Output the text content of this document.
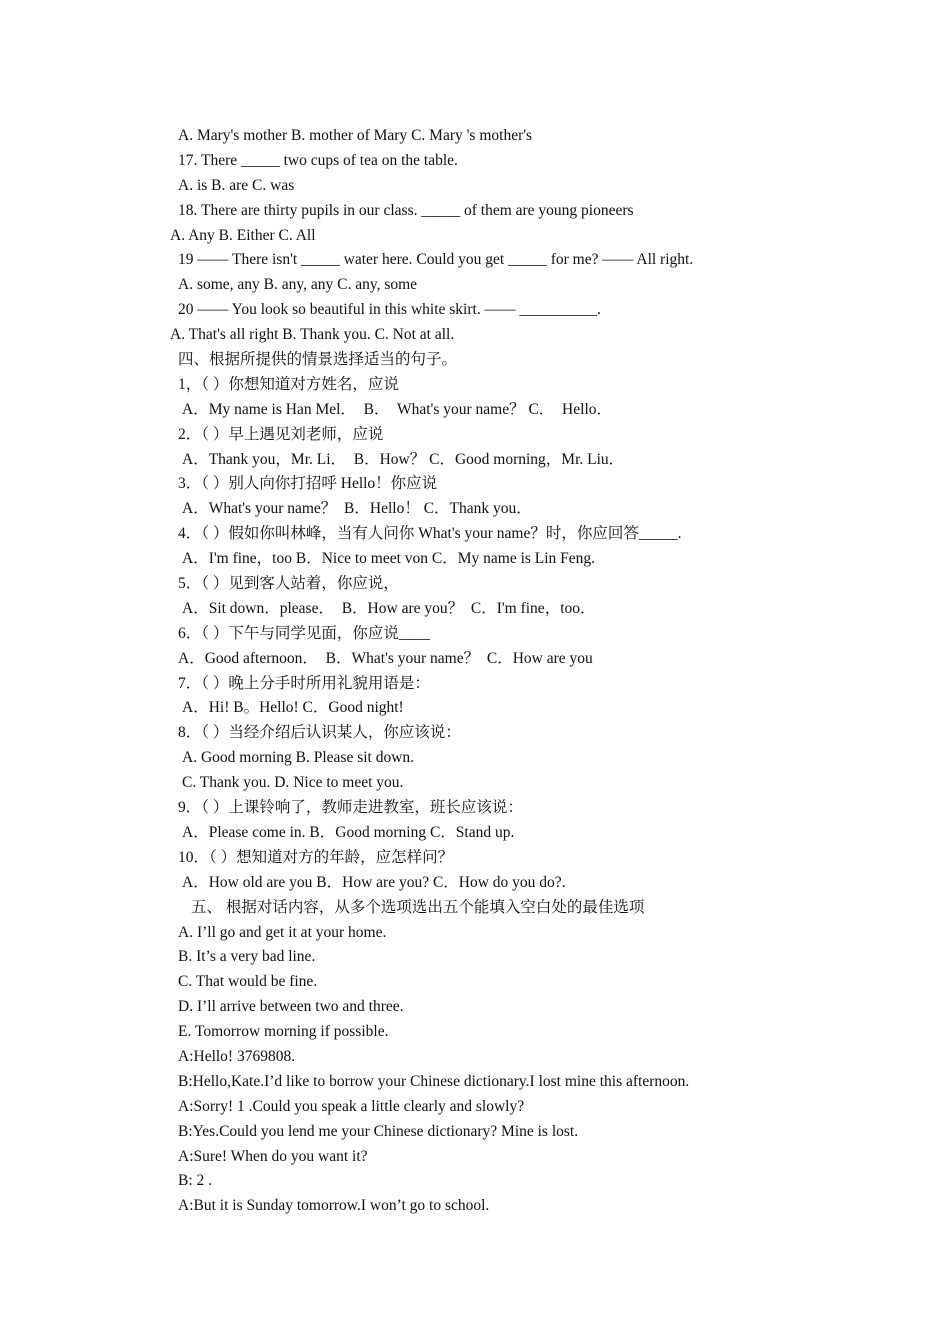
A. Mary's mother B. mother of Mary C. Mary 's mother's
17. There _____ two cups of tea on the table.
A. is B. are C. was
18. There are thirty pupils in our class. _____ of them are young pioneers
A. Any B. Either C. All
19 —— There isn't _____ water here. Could you get _____ for me? —— All right.
A. some, any B. any, any C. any, some
20 —— You look so beautiful in this white skirt. —— __________.
A. That's all right B. Thank you. C. Not at all.
四、根据所提供的情景选择适当的句子。
1，（ ）你想知道对方姓名，应说
A．My name is Han Mel．  B．  What's your name？ C．  Hello．
2．（ ）早上遇见刘老师，应说
A．Thank you，Mr. Li．  B．How？ C．Good morning，Mr. Liu．
3．（ ）别人向你打招呼 Hello！你应说
A．What's your name？  B．Hello！ C．Thank you．
4．（ ）假如你叫林峰，当有人问你 What's your name？时，你应回答_____.
A．I'm fine，too B．Nice to meet von C．My name is Lin Feng.
5．（ ）见到客人站着，你应说，
A．Sit down．please．  B．How are you？  C．I'm fine，too．
6．（ ）下午与同学见面，你应说____
A．Good afternoon．  B．What's your name？  C．How are you
7．（ ）晚上分手时所用礼貌用语是：
A．Hi! B。Hello! C．Good night!
8．（ ）当经介绍后认识某人，你应该说：
A. Good morning B. Please sit down.
C. Thank you. D. Nice to meet you.
9．（ ）上课铃响了，教师走进教室，班长应该说：
A．Please come in. B．Good morning C．Stand up.
10．（ ）想知道对方的年龄，应怎样问？
A．How old are you B．How are you? C．How do you do?.
五、 根据对话内容，从多个选项选出五个能填入空白处的最佳选项
A. I’ll go and get it at your home.
B. It’s a very bad line.
C. That would be fine.
D. I’ll arrive between two and three.
E. Tomorrow morning if possible.
A:Hello! 3769808.
B:Hello,Kate.I’d like to borrow your Chinese dictionary.I lost mine this afternoon.
A:Sorry! 1 .Could you speak a little clearly and slowly?
B:Yes.Could you lend me your Chinese dictionary? Mine is lost.
A:Sure! When do you want it?
B: 2 .
A:But it is Sunday tomorrow.I won’t go to school.
